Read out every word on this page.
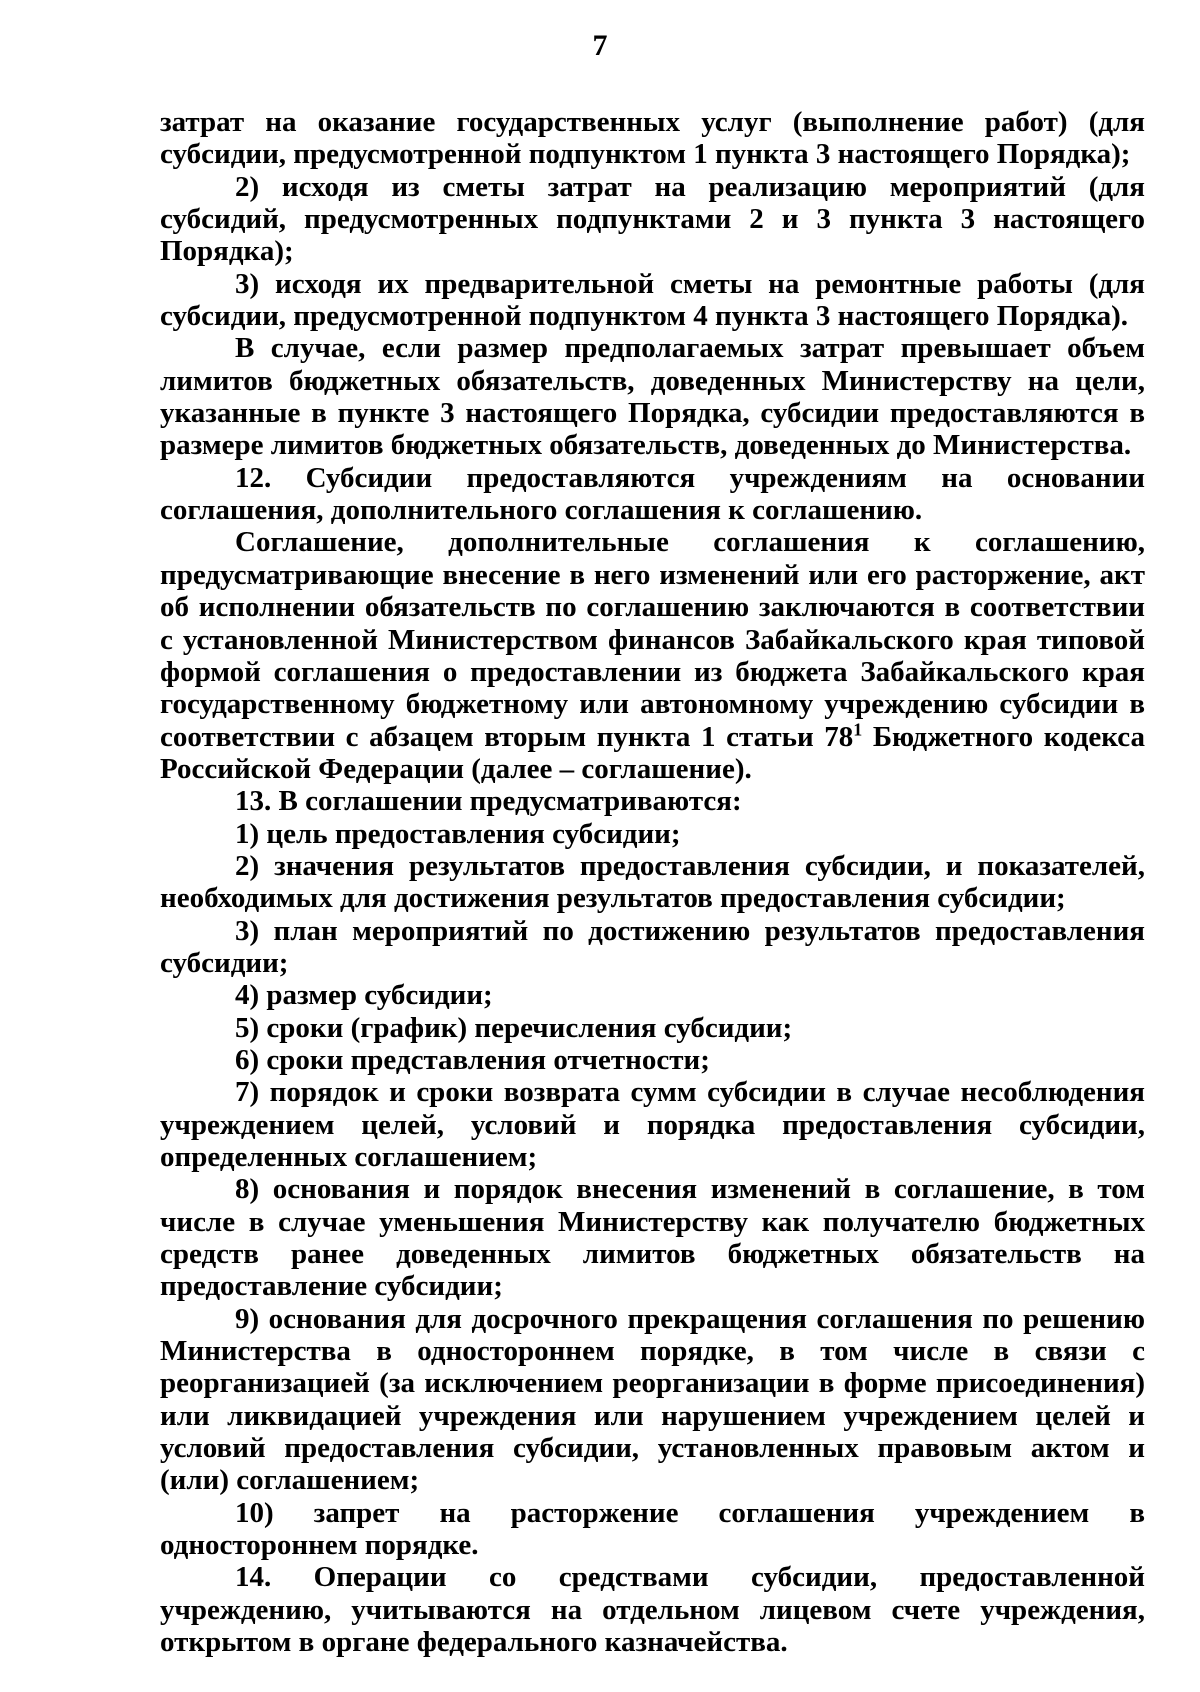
7

затрат на оказание государственных услуг (выполнение работ) (для субсидии, предусмотренной подпунктом 1 пункта 3 настоящего Порядка);

2) исходя из сметы затрат на реализацию мероприятий (для субсидий, предусмотренных подпунктами 2 и 3 пункта 3 настоящего Порядка);

3) исходя их предварительной сметы на ремонтные работы (для субсидии, предусмотренной подпунктом 4 пункта 3 настоящего Порядка).

В случае, если размер предполагаемых затрат превышает объем лимитов бюджетных обязательств, доведенных Министерству на цели, указанные в пункте 3 настоящего Порядка, субсидии предоставляются в размере лимитов бюджетных обязательств, доведенных до Министерства.

12. Субсидии предоставляются учреждениям на основании соглашения, дополнительного соглашения к соглашению.

Соглашение, дополнительные соглашения к соглашению, предусматривающие внесение в него изменений или его расторжение, акт об исполнении обязательств по соглашению заключаются в соответствии с установленной Министерством финансов Забайкальского края типовой формой соглашения о предоставлении из бюджета Забайкальского края государственному бюджетному или автономному учреждению субсидии в соответствии с абзацем вторым пункта 1 статьи $78^1$ Бюджетного кодекса Российской Федерации (далее – соглашение).

13. В соглашении предусматриваются:

1) цель предоставления субсидии;

2) значения результатов предоставления субсидии, и показателей, необходимых для достижения результатов предоставления субсидии;

3) план мероприятий по достижению результатов предоставления субсидии;

4) размер субсидии;

5) сроки (график) перечисления субсидии;

6) сроки представления отчетности;

7) порядок и сроки возврата сумм субсидии в случае несоблюдения учреждением целей, условий и порядка предоставления субсидии, определенных соглашением;

8) основания и порядок внесения изменений в соглашение, в том числе в случае уменьшения Министерству как получателю бюджетных средств ранее доведенных лимитов бюджетных обязательств на предоставление субсидии;

9) основания для досрочного прекращения соглашения по решению Министерства в одностороннем порядке, в том числе в связи с реорганизацией (за исключением реорганизации в форме присоединения) или ликвидацией учреждения или нарушением учреждением целей и условий предоставления субсидии, установленных правовым актом и (или) соглашением;

10) запрет на расторжение соглашения учреждением в одностороннем порядке.

14. Операции со средствами субсидии, предоставленной учреждению, учитываются на отдельном лицевом счете учреждения, открытом в органе федерального казначейства.
